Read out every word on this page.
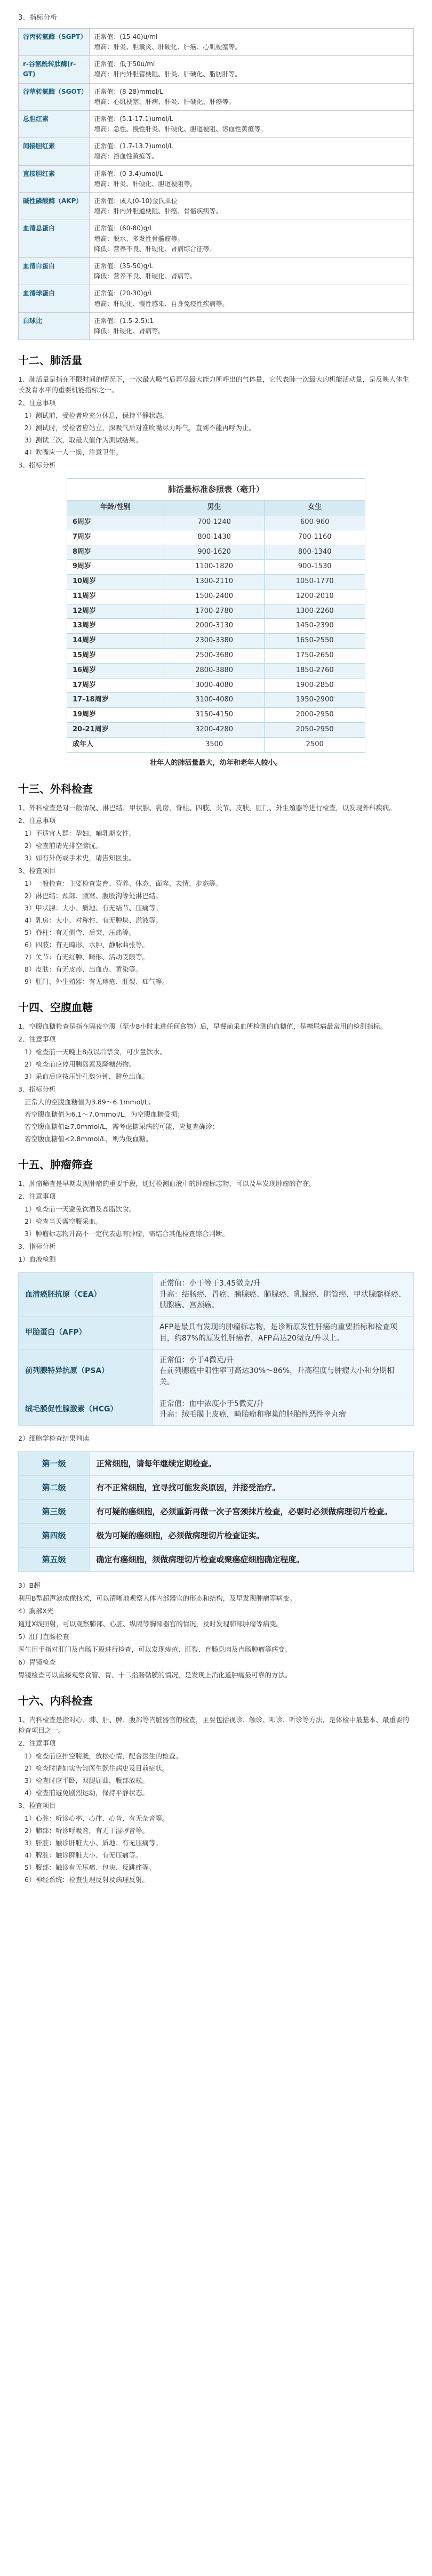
3、指标分析
谷丙转氨酶（SGPT）	正常值：(15-40)u/ml
增高：肝炎、胆囊炎、肝硬化、肝癌、心肌梗塞等。

r-谷氨酰转肽酶(r-GT)	正常值：低于50u/ml
增高：肝内外胆管梗阻、肝炎、肝硬化、脂肪肝等。

谷草转氨酶（SGOT）	正常值：(8-28)mmol/L
增高：心肌梗塞、肝病、肝炎、肝硬化、肝癌等。

总胆红素	正常值：(5.1-17.1)umol/L
增高：急性、慢性肝炎、肝硬化、胆道梗阻、溶血性黄疸等。

间接胆红素	正常值：(1.7-13.7)umol/L
增高：溶血性黄疸等。

直接胆红素	正常值：(0-3.4)umol/L
增高：肝炎、肝硬化、胆道梗阻等。

碱性磷酸酶（AKP）	正常值：成人(0-10)金氏单位
增高：肝内外胆道梗阻、肝癌、骨骼疾病等。

血清总蛋白	正常值：(60-80)g/L
增高：脱水、多发性骨髓瘤等。
降低：营养不良、肝硬化、肾病综合征等。

血清白蛋白	正常值：(35-50)g/L
降低：营养不良、肝硬化、肾病等。

血清球蛋白	正常值：(20-30)g/L
增高：肝硬化、慢性感染、自身免疫性疾病等。

白球比	正常值：(1.5-2.5):1
降低：肝硬化、肾病等。
十二、肺活量
1、肺活量是指在不限时间的情况下，一次最大吸气后再尽最大能力所呼出的气体量，它代表肺一次最大的机能活动量，是反映人体生长发育水平的重要机能指标之一。
2、注意事项
1）测试前，受检者应充分休息，保持平静状态。
2）测试时，受检者应站立，深吸气后对准吹嘴尽力呼气，直到不能再呼为止。
3）测试三次，取最大值作为测试结果。
4）吹嘴应一人一换，注意卫生。
3、指标分析
肺活量标准参照表（毫升）		
年龄/性别	男生	女生
6周岁	700-1240	600-960
7周岁	800-1430	700-1160
8周岁	900-1620	800-1340
9周岁	1100-1820	900-1530
10周岁	1300-2110	1050-1770
11周岁	1500-2400	1200-2010
12周岁	1700-2780	1300-2260
13周岁	2000-3130	1450-2390
14周岁	2300-3380	1650-2550
15周岁	2500-3680	1750-2650
16周岁	2800-3880	1850-2760
17周岁	3000-4080	1900-2850
17-18周岁	3100-4080	1950-2900
19周岁	3150-4150	2000-2950
20-21周岁	3200-4280	2050-2950
成年人	3500	2500
壮年人的肺活量最大，幼年和老年人较小。
十三、外科检查
1、外科检查是对一般情况、淋巴结、甲状腺、乳房、脊柱、四肢、关节、皮肤、肛门、外生殖器等进行检查，以发现外科疾病。
2、注意事项
1）不适宜人群：孕妇、哺乳期女性。
2）检查前请先排空膀胱。
3）如有外伤或手术史，请告知医生。
3、检查项目
1）一般检查：主要检查发育、营养、体态、面容、表情、步态等。
2）淋巴结：颈部、腋窝、腹股沟等处淋巴结。
3）甲状腺：大小、质地、有无结节、压痛等。
4）乳房：大小、对称性、有无肿块、溢液等。
5）脊柱：有无侧弯、后突、压痛等。
6）四肢：有无畸形、水肿、静脉曲张等。
7）关节：有无红肿、畸形、活动受限等。
8）皮肤：有无皮疹、出血点、黄染等。
9）肛门、外生殖器：有无痔疮、肛裂、疝气等。
十四、空腹血糖
1、空腹血糖检查是指在隔夜空腹（至少8小时未进任何食物）后，早餐前采血所检测的血糖值，是糖尿病最常用的检测指标。
2、注意事项
1）检查前一天晚上8点以后禁食，可少量饮水。
2）检查前应停用胰岛素及降糖药物。
3）采血后应按压针孔数分钟，避免出血。
3、指标分析
正常人的空腹血糖值为3.89～6.1mmol/L；
若空腹血糖值为6.1～7.0mmol/L，为空腹血糖受损；
若空腹血糖值≥7.0mmol/L，需考虑糖尿病的可能，应复查确诊；
若空腹血糖值<2.8mmol/L，则为低血糖。
十五、肿瘤筛查
1、肿瘤筛查是早期发现肿瘤的重要手段，通过检测血液中的肿瘤标志物，可以及早发现肿瘤的存在。
2、注意事项
1）检查前一天避免饮酒及高脂饮食。
2）检查当天需空腹采血。
3）肿瘤标志物升高不一定代表患有肿瘤，需结合其他检查综合判断。
3、指标分析
1）血液检测
血清癌胚抗原（CEA）	正常值：小于等于3.45微克/升
升高：结肠癌、胃癌、胰腺癌、肺腺癌、乳腺癌、胆管癌、甲状腺髓样癌、胰腺癌、宫颈癌。
甲胎蛋白（AFP）	AFP是最具有发现的肿瘤标志物，是诊断原发性肝癌的重要指标和检查项目，约87%的原发性肝癌者，AFP高达20微克/升以上。
前列腺特异抗原（PSA）	正常值：小于4微克/升
在前列腺癌中阳性率可高达30%～86%，升高程度与肿瘤大小和分期相关。
绒毛膜促性腺激素（HCG）	正常值：血中浓度小于5微克/升
升高：绒毛膜上皮癌，畸胎瘤和卵巢的胚胎性恶性睾丸瘤
2）细胞学检查结果判读
第一级	正常细胞，请每年继续定期检查。
第二级	有不正常细胞，宜寻找可能发炎原因，并接受治疗。
第三级	有可疑的癌细胞，必须重新再做一次子宫颈抹片检查，必要时必须做病理切片检查。
第四级	极为可疑的癌细胞，必须做病理切片检查证实。
第五级	确定有癌细胞，须做病理切片检查或聚癌症细胞确定程度。
3）B超
利用B型超声波成像技术，可以清晰地观察人体内部器官的形态和结构，及早发现肿瘤等病变。
4）胸部X光
通过X线照射，可以观察肺部、心脏、纵隔等胸部器官的情况，及时发现肺部肿瘤等病变。
5）肛门直肠检查
医生用手指对肛门及直肠下段进行检查，可以发现痔疮、肛裂、直肠息肉及直肠肿瘤等病变。
6）胃镜检查
胃镜检查可以直接观察食管、胃、十二指肠黏膜的情况，是发现上消化道肿瘤最可靠的方法。
十六、内科检查
1、内科检查是指对心、肺、肝、脾、腹部等内脏器官的检查，主要包括视诊、触诊、叩诊、听诊等方法，是体检中最基本、最重要的检查项目之一。
2、注意事项
1）检查前应排空膀胱，放松心情，配合医生的检查。
2）检查时请如实告知医生既往病史及目前症状。
3）检查时应平卧，双腿屈曲，腹部放松。
4）检查前避免剧烈运动，保持平静状态。
3、检查项目
1）心脏：听诊心率、心律、心音、有无杂音等。
2）肺部：听诊呼吸音，有无干湿啰音等。
3）肝脏：触诊肝脏大小、质地、有无压痛等。
4）脾脏：触诊脾脏大小、有无压痛等。
5）腹部：触诊有无压痛、包块、反跳痛等。
6）神经系统：检查生理反射及病理反射。
